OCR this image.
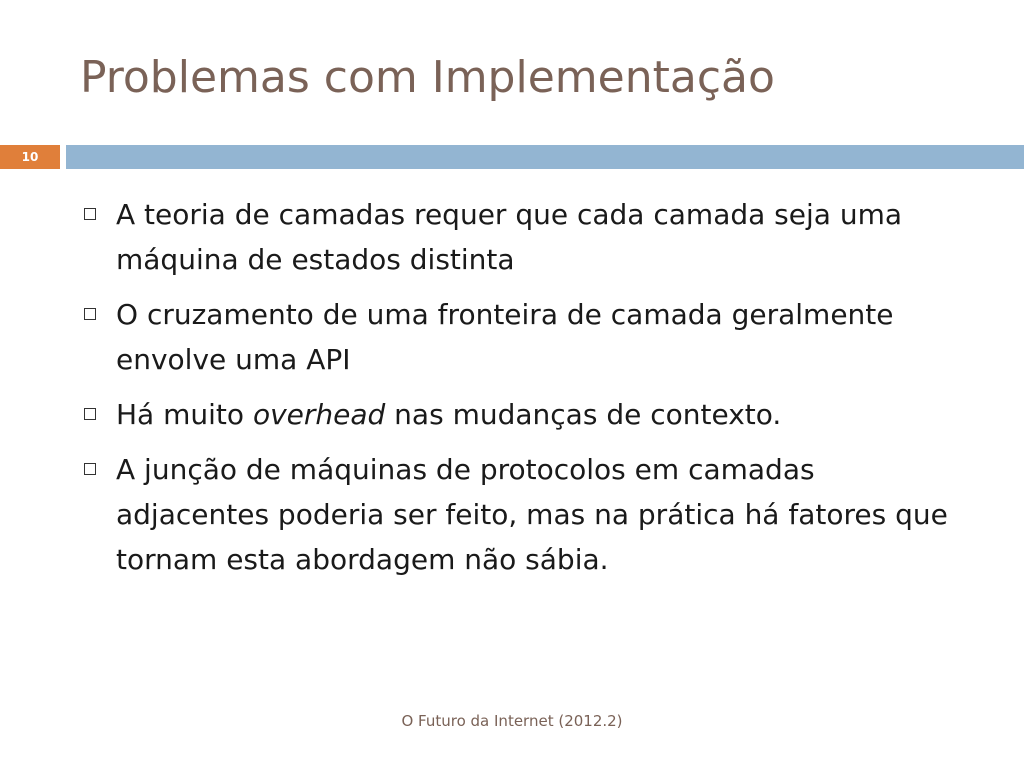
Problemas com Implementação
10
A teoria de camadas requer que cada camada seja uma máquina de estados distinta
O cruzamento de uma fronteira de camada geralmente envolve uma API
Há muito overhead nas mudanças de contexto.
A junção de máquinas de protocolos em camadas adjacentes poderia ser feito, mas na prática há fatores que tornam esta abordagem não sábia.
O Futuro da Internet (2012.2)
